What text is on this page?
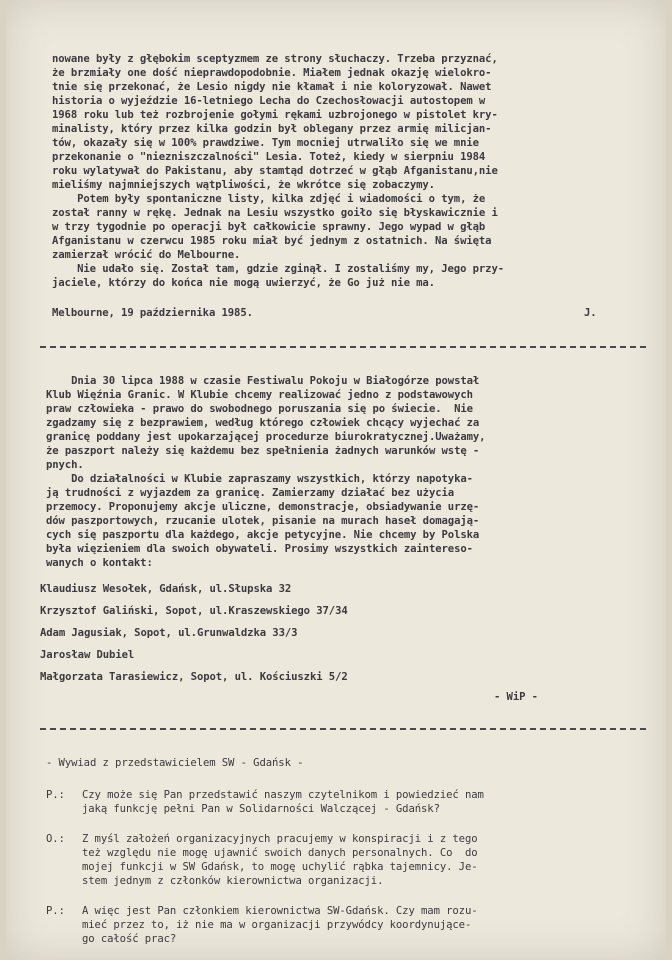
nowane były z głębokim sceptyzmem ze strony słuchaczy. Trzeba przyznać,
że brzmiały one dość nieprawdopodobnie. Miałem jednak okazję wielokro-
tnie się przekonać, że Lesio nigdy nie kłamał i nie koloryzował. Nawet
historia o wyjeździe 16-letniego Lecha do Czechosłowacji autostopem w
1968 roku lub też rozbrojenie gołymi rękami uzbrojonego w pistolet kry-
minalisty, który przez kilka godzin był oblegany przez armię milicjan-
tów, okazały się w 100% prawdziwe. Tym mocniej utrwaliło się we mnie
przekonanie o "niezniszczalności" Lesia. Toteż, kiedy w sierpniu 1984
roku wylatywał do Pakistanu, aby stamtąd dotrzeć w głąb Afganistanu,nie
mieliśmy najmniejszych wątpliwości, że wkrótce się zobaczymy.
Potem były spontaniczne listy, kilka zdjęć i wiadomości o tym, że
został ranny w rękę. Jednak na Lesiu wszystko goiło się błyskawicznie i
w trzy tygodnie po operacji był całkowicie sprawny. Jego wypad w głąb
Afganistanu w czerwcu 1985 roku miał być jednym z ostatnich. Na święta
zamierzał wrócić do Melbourne.
Nie udało się. Został tam, gdzie zginął. I zostaliśmy my, Jego przy-
jaciele, którzy do końca nie mogą uwierzyć, że Go już nie ma.
Melbourne, 19 października 1985.	J.
Dnia 30 lipca 1988 w czasie Festiwalu Pokoju w Białogórze powstał
Klub Więźnia Granic. W Klubie chcemy realizować jedno z podstawowych
praw człowieka - prawo do swobodnego poruszania się po świecie.  Nie
zgadzamy się z bezprawiem, według którego człowiek chcący wyjechać za
granicę poddany jest upokarzającej procedurze biurokratycznej.Uważamy,
że paszport należy się każdemu bez spełnienia żadnych warunków wstę -
pnych.
Do działalności w Klubie zapraszamy wszystkich, którzy napotyka-
ją trudności z wyjazdem za granicę. Zamierzamy działać bez użycia
przemocy. Proponujemy akcje uliczne, demonstracje, obsiadywanie urzę-
dów paszportowych, rzucanie ulotek, pisanie na murach haseł domagają-
cych się paszportu dla każdego, akcje petycyjne. Nie chcemy by Polska
była więzieniem dla swoich obywateli. Prosimy wszystkich zaintereso-
wanych o kontakt:
Klaudiusz Wesołek, Gdańsk, ul.Słupska 32
Krzysztof Galiński, Sopot, ul.Kraszewskiego 37/34
Adam Jagusiak, Sopot, ul.Grunwaldzka 33/3
Jarosław Dubiel
Małgorzata Tarasiewicz, Sopot, ul. Kościuszki 5/2
- WiP -
- Wywiad z przedstawicielem SW - Gdańsk -
P.: Czy może się Pan przedstawić naszym czytelnikom i powiedzieć nam
jaką funkcję pełni Pan w Solidarności Walczącej - Gdańsk?
O.: Z myśl założeń organizacyjnych pracujemy w konspiracji i z tego
też względu nie mogę ujawnić swoich danych personalnych. Co  do
mojej funkcji w SW Gdańsk, to mogę uchylić rąbka tajemnicy. Je-
stem jednym z członków kierownictwa organizacji.
P.: A więc jest Pan członkiem kierownictwa SW-Gdańsk. Czy mam rozu-
mieć przez to, iż nie ma w organizacji przywódcy koordynujące-
go całość prac?
